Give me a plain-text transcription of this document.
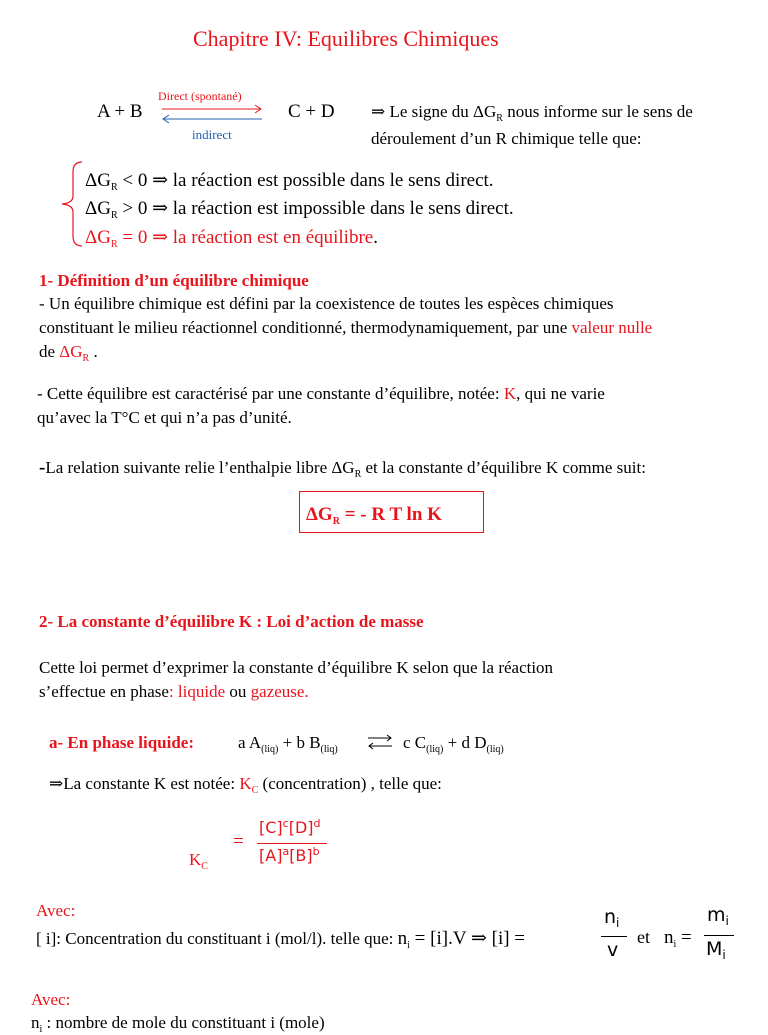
Chapitre IV: Equilibres Chimiques
A + B
Direct (spontané)
indirect
C + D ⇒ Le signe du $\Delta G_R$ nous informe sur le sens de
déroulement d’un R chimique telle que:
$\Delta G_R < 0$ ⇒ la réaction est possible dans le sens direct.
$\Delta G_R > 0$ ⇒ la réaction est impossible dans le sens direct.
$\Delta G_R = 0$ ⇒ la réaction est en équilibre.
1- Définition d’un équilibre chimique
- Un équilibre chimique est défini par la coexistence de toutes les espèces chimiques
constituant le milieu réactionnel conditionné, thermodynamiquement, par une valeur nulle
de $\Delta G_R$ .
- Cette équilibre est caractérisé par une constante d’équilibre, notée: K, qui ne varie
qu’avec la T°C et qui n’a pas d’unité.
-La relation suivante relie l’enthalpie libre $\Delta G_R$ et la constante d’équilibre K comme suit:
$\Delta G_R$ = - R T ln K
2- La constante d’équilibre K : Loi d’action de masse
Cette loi permet d’exprimer la constante d’équilibre K selon que la réaction
s’effectue en phase: liquide ou gazeuse.
a- En phase liquide:	a $A_{(liq)} + b$ $B_{(liq)}$	c $C_{(liq)} + d$ $D_{(liq)}$
⇒La constante K est notée: $K_C$ (concentration) , telle que:
$K_C$
=
$[C]^c[D]^d$
$[A]^a[B]^b$
Avec:
[ i]: Concentration du constituant i (mol/l). telle que: $n_i = [i].V$ ⇒ [i] =
$n_i$
v
et $n_i$ =
$m_i$
$M_i$
Avec:
$n_i$ : nombre de mole du constituant i (mole)
